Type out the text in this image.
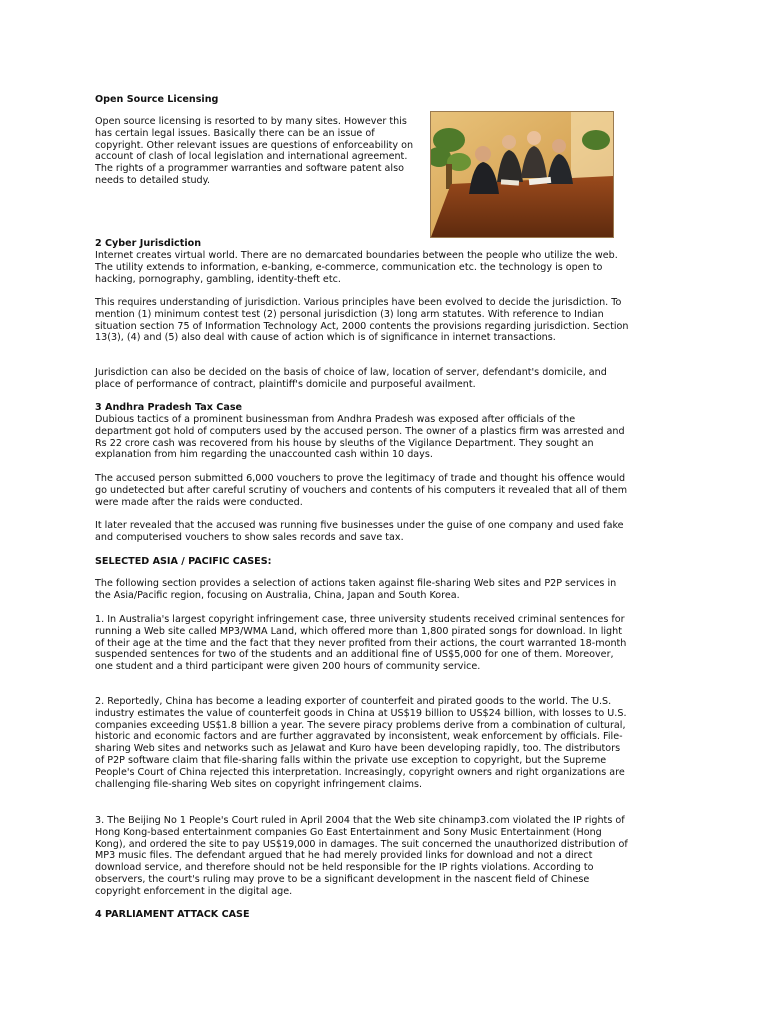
Open Source Licensing

Open source licensing is resorted to by many sites. However this has certain legal issues. Basically there can be an issue of copyright. Other relevant issues are questions of enforceability on account of clash of local legislation and international agreement. The rights of a programmer warranties and software patent also needs to detailed study.

2 Cyber Jurisdiction

Internet creates virtual world. There are no demarcated boundaries between the people who utilize the web. The utility extends to information, e-banking, e-commerce, communication etc. the technology is open to hacking, pornography, gambling, identity-theft etc.

This requires understanding of jurisdiction. Various principles have been evolved to decide the jurisdiction. To mention (1) minimum contest test (2) personal jurisdiction (3) long arm statutes. With reference to Indian situation section 75 of Information Technology Act, 2000 contents the provisions regarding jurisdiction. Section 13(3), (4) and (5) also deal with cause of action which is of significance in internet transactions.

Jurisdiction can also be decided on the basis of choice of law, location of server, defendant's domicile, and place of performance of contract, plaintiff's domicile and purposeful availment.

3 Andhra Pradesh Tax Case

Dubious tactics of a prominent businessman from Andhra Pradesh was exposed after officials of the department got hold of computers used by the accused person. The owner of a plastics firm was arrested and Rs 22 crore cash was recovered from his house by sleuths of the Vigilance Department. They sought an explanation from him regarding the unaccounted cash within 10 days.

The accused person submitted 6,000 vouchers to prove the legitimacy of trade and thought his offence would go undetected but after careful scrutiny of vouchers and contents of his computers it revealed that all of them were made after the raids were conducted.

It later revealed that the accused was running five businesses under the guise of one company and used fake and computerised vouchers to show sales records and save tax.

SELECTED ASIA / PACIFIC CASES:

The following section provides a selection of actions taken against file-sharing Web sites and P2P services in the Asia/Pacific region, focusing on Australia, China, Japan and South Korea.

1. In Australia's largest copyright infringement case, three university students received criminal sentences for running a Web site called MP3/WMA Land, which offered more than 1,800 pirated songs for download. In light of their age at the time and the fact that they never profited from their actions, the court warranted 18-month suspended sentences for two of the students and an additional fine of US$5,000 for one of them. Moreover, one student and a third participant were given 200 hours of community service.

2. Reportedly, China has become a leading exporter of counterfeit and pirated goods to the world. The U.S. industry estimates the value of counterfeit goods in China at US$19 billion to US$24 billion, with losses to U.S. companies exceeding US$1.8 billion a year. The severe piracy problems derive from a combination of cultural, historic and economic factors and are further aggravated by inconsistent, weak enforcement by officials. File-sharing Web sites and networks such as Jelawat and Kuro have been developing rapidly, too. The distributors of P2P software claim that file-sharing falls within the private use exception to copyright, but the Supreme People's Court of China rejected this interpretation. Increasingly, copyright owners and right organizations are challenging file-sharing Web sites on copyright infringement claims.

3. The Beijing No 1 People's Court ruled in April 2004 that the Web site chinamp3.com violated the IP rights of Hong Kong-based entertainment companies Go East Entertainment and Sony Music Entertainment (Hong Kong), and ordered the site to pay US$19,000 in damages. The suit concerned the unauthorized distribution of MP3 music files. The defendant argued that he had merely provided links for download and not a direct download service, and therefore should not be held responsible for the IP rights violations. According to observers, the court's ruling may prove to be a significant development in the nascent field of Chinese copyright enforcement in the digital age.

4 PARLIAMENT ATTACK CASE
